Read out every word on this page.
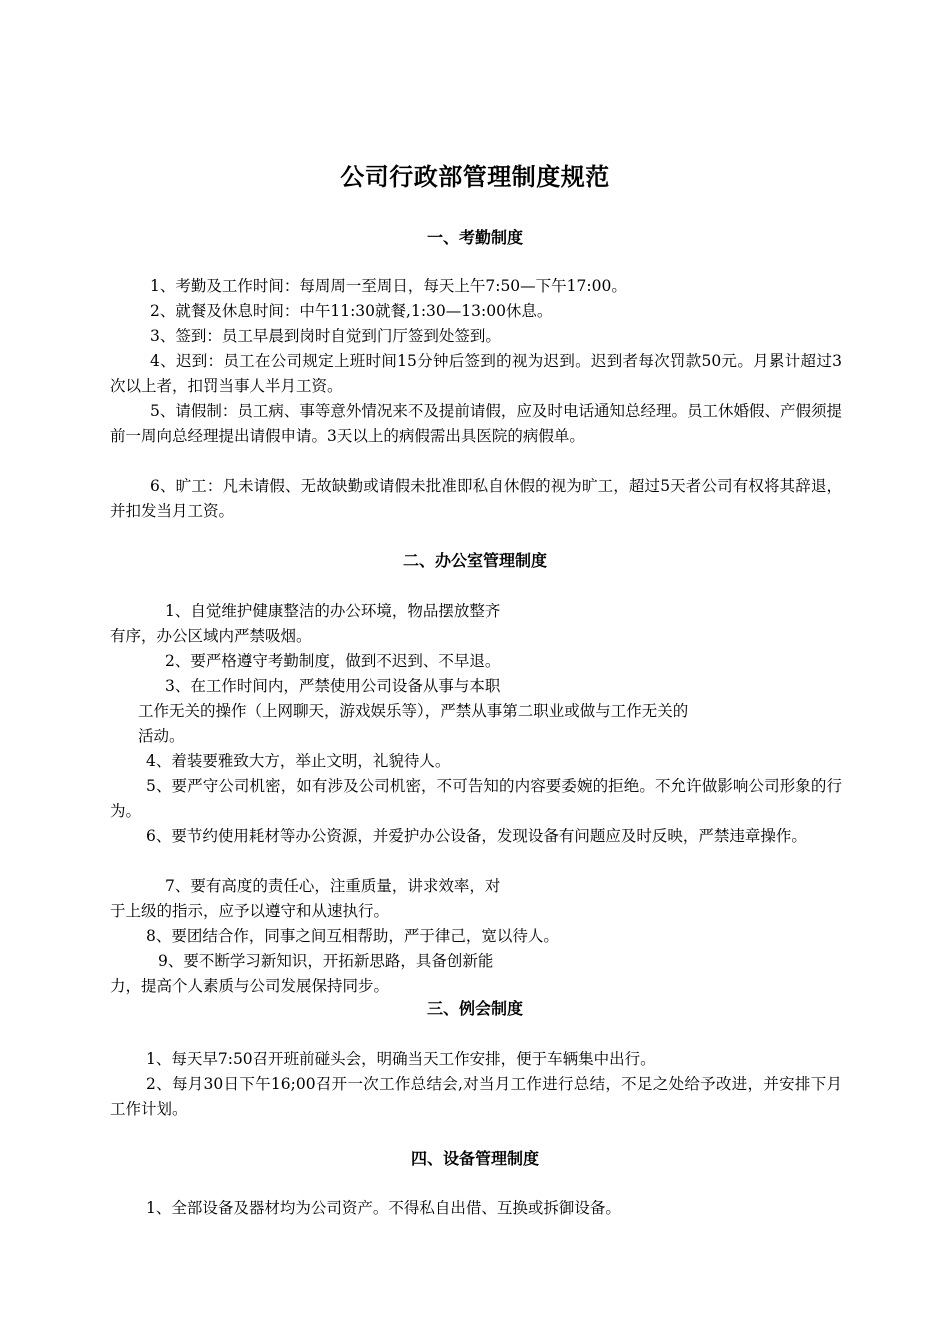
公司行政部管理制度规范
一、考勤制度

1、考勤及工作时间：每周周一至周日，每天上午7:50—下午17:00。

2、就餐及休息时间：中午11:30就餐,1:30—13:00休息。

3、签到：员工早晨到岗时自觉到门厅签到处签到。

4、迟到：员工在公司规定上班时间15分钟后签到的视为迟到。迟到者每次罚款50元。月累计超过3次以上者，扣罚当事人半月工资。

5、请假制：员工病、事等意外情况来不及提前请假，应及时电话通知总经理。员工休婚假、产假须提前一周向总经理提出请假申请。3天以上的病假需出具医院的病假单。

6、旷工：凡未请假、无故缺勤或请假未批准即私自休假的视为旷工，超过5天者公司有权将其辞退，并扣发当月工资。

二、办公室管理制度

1、自觉维护健康整洁的办公环境，物品摆放整齐

有序，办公区域内严禁吸烟。

2、要严格遵守考勤制度，做到不迟到、不早退。

3、在工作时间内，严禁使用公司设备从事与本职

工作无关的操作（上网聊天，游戏娱乐等），严禁从事第二职业或做与工作无关的

活动。

4、着装要雅致大方，举止文明，礼貌待人。

5、要严守公司机密，如有涉及公司机密，不可告知的内容要委婉的拒绝。不允许做影响公司形象的行为。

6、要节约使用耗材等办公资源，并爱护办公设备，发现设备有问题应及时反映，严禁违章操作。

7、要有高度的责任心，注重质量，讲求效率，对

于上级的指示，应予以遵守和从速执行。

8、要团结合作，同事之间互相帮助，严于律己，宽以待人。

9、要不断学习新知识，开拓新思路，具备创新能

力，提高个人素质与公司发展保持同步。

三、例会制度

1、每天早7:50召开班前碰头会，明确当天工作安排，便于车辆集中出行。

2、每月30日下午16;00召开一次工作总结会,对当月工作进行总结，不足之处给予改进，并安排下月工作计划。

四、设备管理制度

1、全部设备及器材均为公司资产。不得私自出借、互换或拆御设备。
